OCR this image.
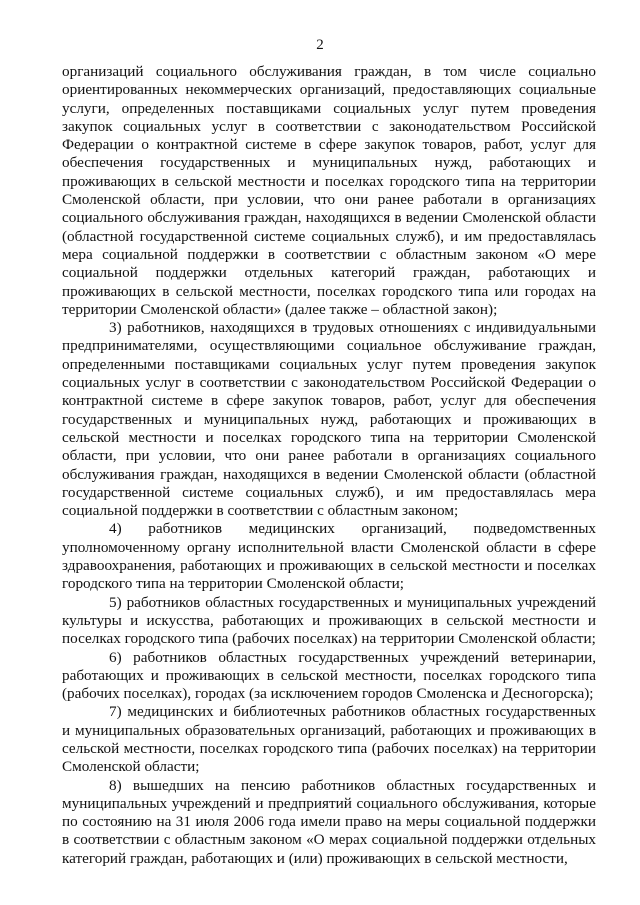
2

организаций социального обслуживания граждан, в том числе социально ориентированных некоммерческих организаций, предоставляющих социальные услуги, определенных поставщиками социальных услуг путем проведения закупок социальных услуг в соответствии с законодательством Российской Федерации о контрактной системе в сфере закупок товаров, работ, услуг для обеспечения государственных и муниципальных нужд, работающих и проживающих в сельской местности и поселках городского типа на территории Смоленской области, при условии, что они ранее работали в организациях социального обслуживания граждан, находящихся в ведении Смоленской области (областной государственной системе социальных служб), и им предоставлялась мера социальной поддержки в соответствии с областным законом «О мере социальной поддержки отдельных категорий граждан, работающих и проживающих в сельской местности, поселках городского типа или городах на территории Смоленской области» (далее также – областной закон);

3) работников, находящихся в трудовых отношениях с индивидуальными предпринимателями, осуществляющими социальное обслуживание граждан, определенными поставщиками социальных услуг путем проведения закупок социальных услуг в соответствии с законодательством Российской Федерации о контрактной системе в сфере закупок товаров, работ, услуг для обеспечения государственных и муниципальных нужд, работающих и проживающих в сельской местности и поселках городского типа на территории Смоленской области, при условии, что они ранее работали в организациях социального обслуживания граждан, находящихся в ведении Смоленской области (областной государственной системе социальных служб), и им предоставлялась мера социальной поддержки в соответствии с областным законом;

4) работников медицинских организаций, подведомственных уполномоченному органу исполнительной власти Смоленской области в сфере здравоохранения, работающих и проживающих в сельской местности и поселках городского типа на территории Смоленской области;

5) работников областных государственных и муниципальных учреждений культуры и искусства, работающих и проживающих в сельской местности и поселках городского типа (рабочих поселках) на территории Смоленской области;

6) работников областных государственных учреждений ветеринарии, работающих и проживающих в сельской местности, поселках городского типа (рабочих поселках), городах (за исключением городов Смоленска и Десногорска);

7) медицинских и библиотечных работников областных государственных и муниципальных образовательных организаций, работающих и проживающих в сельской местности, поселках городского типа (рабочих поселках) на территории Смоленской области;

8) вышедших на пенсию работников областных государственных и муниципальных учреждений и предприятий социального обслуживания, которые по состоянию на 31 июля 2006 года имели право на меры социальной поддержки в соответствии с областным законом «О мерах социальной поддержки отдельных категорий граждан, работающих и (или) проживающих в сельской местности,
